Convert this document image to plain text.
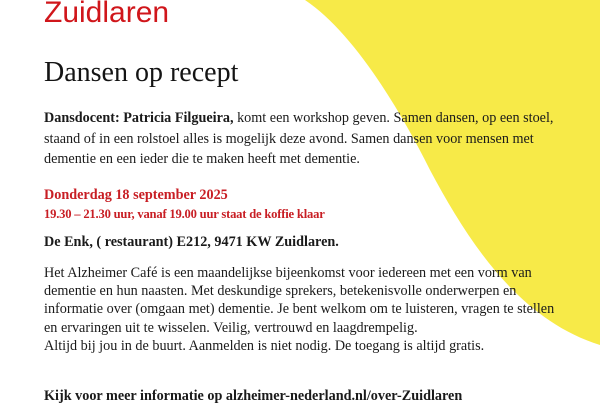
Zuidlaren
Dansen op recept

Dansdocent: Patricia Filgueira, komt een workshop geven. Samen dansen, op een stoel, staand of in een rolstoel alles is mogelijk deze avond. Samen dansen voor mensen met dementie en een ieder die te maken heeft met dementie.

Donderdag 18 september 2025

19.30 – 21.30 uur, vanaf 19.00 uur staat de koffie klaar

De Enk, ( restaurant) E212, 9471 KW Zuidlaren.

Het Alzheimer Café is een maandelijkse bijeenkomst voor iedereen met een vorm van dementie en hun naasten. Met deskundige sprekers, betekenisvolle onderwerpen en informatie over (omgaan met) dementie. Je bent welkom om te luisteren, vragen te stellen en ervaringen uit te wisselen. Veilig, vertrouwd en laagdrempelig.
Altijd bij jou in de buurt. Aanmelden is niet nodig. De toegang is altijd gratis.

Kijk voor meer informatie op alzheimer-nederland.nl/over-Zuidlaren
